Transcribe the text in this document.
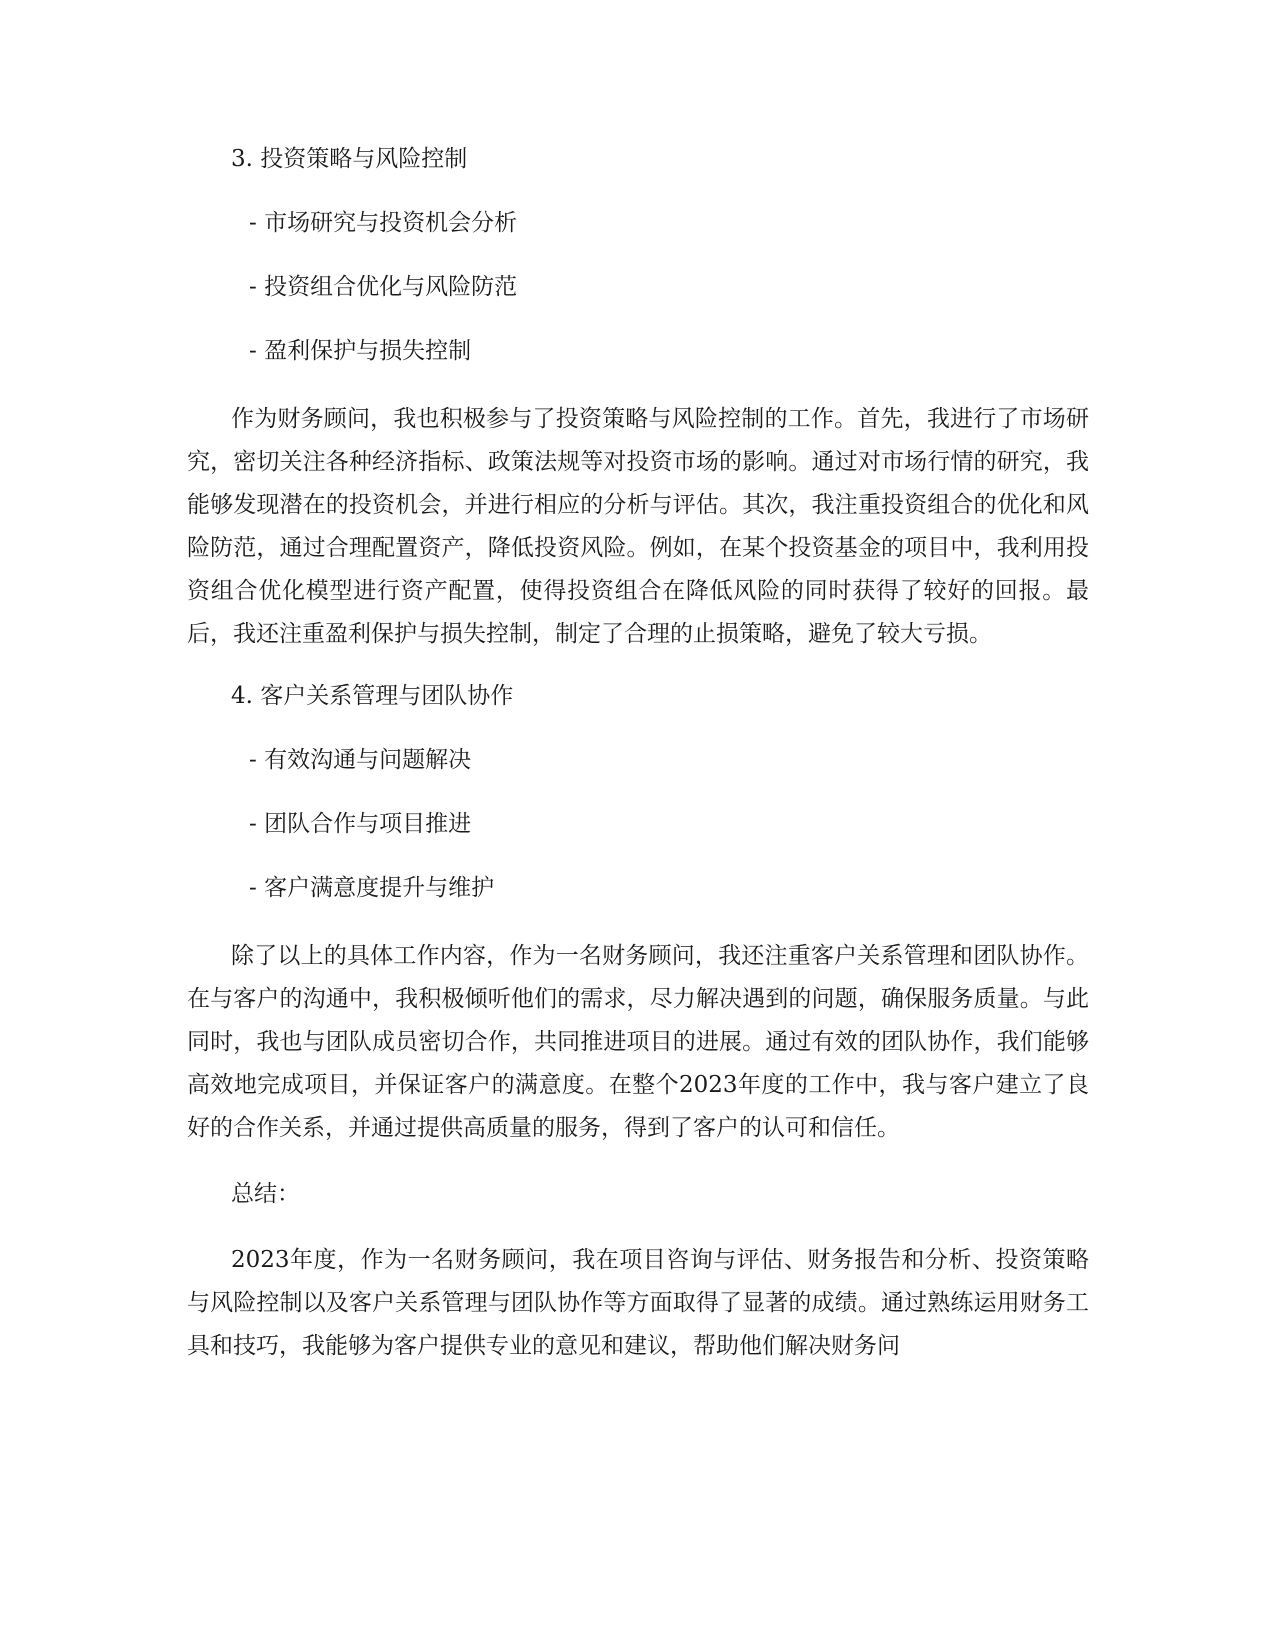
3. 投资策略与风险控制
- 市场研究与投资机会分析
- 投资组合优化与风险防范
- 盈利保护与损失控制

作为财务顾问，我也积极参与了投资策略与风险控制的工作。首先，我进行了市场研究，密切关注各种经济指标、政策法规等对投资市场的影响。通过对市场行情的研究，我能够发现潜在的投资机会，并进行相应的分析与评估。其次，我注重投资组合的优化和风险防范，通过合理配置资产，降低投资风险。例如，在某个投资基金的项目中，我利用投资组合优化模型进行资产配置，使得投资组合在降低风险的同时获得了较好的回报。最后，我还注重盈利保护与损失控制，制定了合理的止损策略，避免了较大亏损。

4. 客户关系管理与团队协作
- 有效沟通与问题解决
- 团队合作与项目推进
- 客户满意度提升与维护

除了以上的具体工作内容，作为一名财务顾问，我还注重客户关系管理和团队协作。在与客户的沟通中，我积极倾听他们的需求，尽力解决遇到的问题，确保服务质量。与此同时，我也与团队成员密切合作，共同推进项目的进展。通过有效的团队协作，我们能够高效地完成项目，并保证客户的满意度。在整个2023年度的工作中，我与客户建立了良好的合作关系，并通过提供高质量的服务，得到了客户的认可和信任。

总结：

2023年度，作为一名财务顾问，我在项目咨询与评估、财务报告和分析、投资策略与风险控制以及客户关系管理与团队协作等方面取得了显著的成绩。通过熟练运用财务工具和技巧，我能够为客户提供专业的意见和建议，帮助他们解决财务问
